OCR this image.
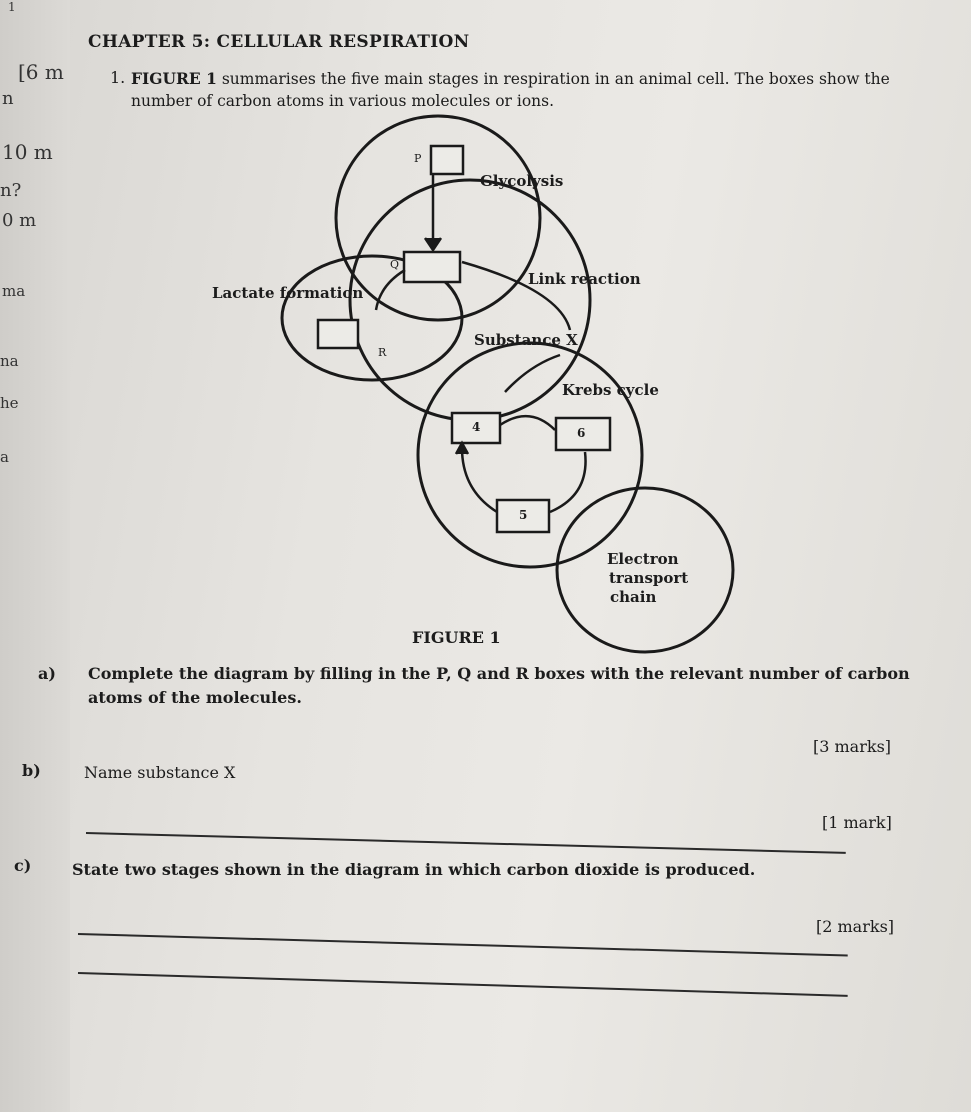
1
[6 m
n
10 m
n?
0 m
ma
na
he
a
CHAPTER 5: CELLULAR RESPIRATION
1. FIGURE 1 summarises the five main stages in respiration in an animal cell. The boxes show the number of carbon atoms in various molecules or ions.
P
Q
R
4	6
5
Glycolysis
Link reaction
Lactate formation
Substance X
Krebs cycle
Electron
transport
chain
FIGURE 1
a) Complete the diagram by filling in the P, Q and R boxes with the relevant number of carbon
atoms of the molecules.
[3 marks]
b)	Name substance X
[1 mark]
c)	State two stages shown in the diagram in which carbon dioxide is produced.
[2 marks]
